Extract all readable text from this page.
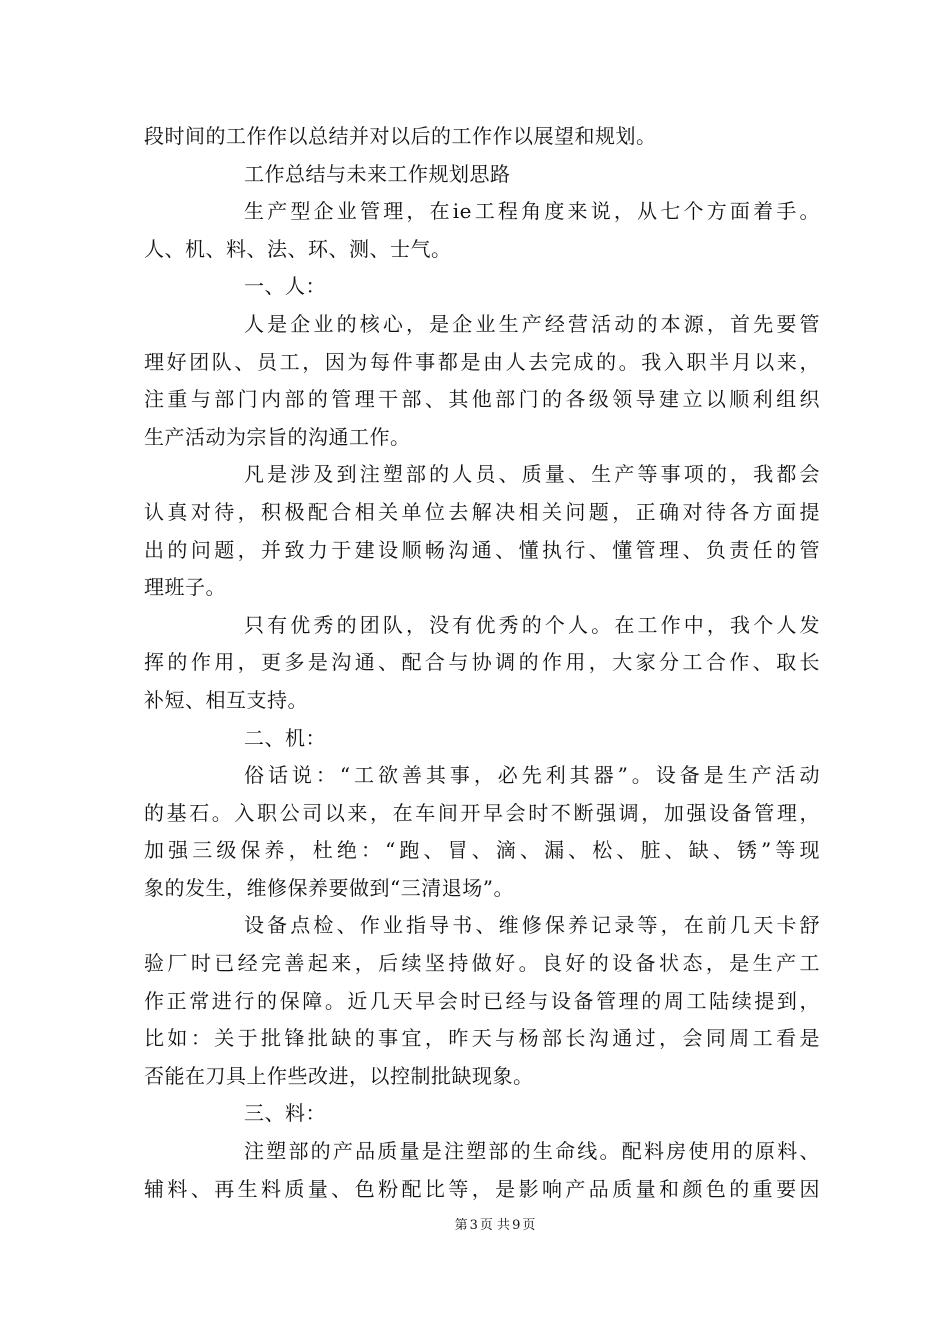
段时间的工作作以总结并对以后的工作作以展望和规划。
工作总结与未来工作规划思路
生产型企业管理，在ie工程角度来说，从七个方面着手。
人、机、料、法、环、测、士气。
一、人：
人是企业的核心，是企业生产经营活动的本源，首先要管
理好团队、员工，因为每件事都是由人去完成的。我入职半月以来，
注重与部门内部的管理干部、其他部门的各级领导建立以顺利组织
生产活动为宗旨的沟通工作。
凡是涉及到注塑部的人员、质量、生产等事项的，我都会
认真对待，积极配合相关单位去解决相关问题，正确对待各方面提
出的问题，并致力于建设顺畅沟通、懂执行、懂管理、负责任的管
理班子。
只有优秀的团队，没有优秀的个人。在工作中，我个人发
挥的作用，更多是沟通、配合与协调的作用，大家分工合作、取长
补短、相互支持。
二、机：
俗话说：“工欲善其事，必先利其器”。设备是生产活动
的基石。入职公司以来，在车间开早会时不断强调，加强设备管理，
加强三级保养，杜绝：“跑、冒、滴、漏、松、脏、缺、锈”等现
象的发生，维修保养要做到“三清退场”。
设备点检、作业指导书、维修保养记录等，在前几天卡舒
验厂时已经完善起来，后续坚持做好。良好的设备状态，是生产工
作正常进行的保障。近几天早会时已经与设备管理的周工陆续提到，
比如：关于批锋批缺的事宜，昨天与杨部长沟通过，会同周工看是
否能在刀具上作些改进，以控制批缺现象。
三、料：
注塑部的产品质量是注塑部的生命线。配料房使用的原料、
辅料、再生料质量、色粉配比等，是影响产品质量和颜色的重要因
第 3 页 共 9 页
